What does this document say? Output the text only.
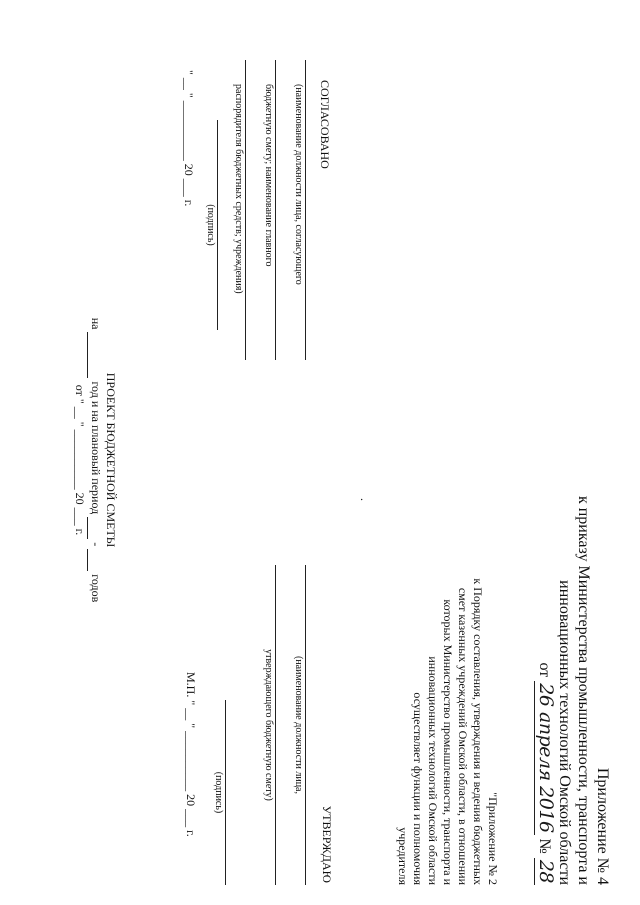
Приложение № 4
к приказу Министерства промышленности, транспорта и
инновационных технологий Омской области
от 26 апреля 2016 № 28
"Приложение № 2
к Порядку составления, утверждения и ведения бюджетных
смет казенных учреждений Омской области, в отношении
которых Министерство промышленности, транспорта и
инновационных технологий Омской области
осуществляет функции и полномочия
учредителя
.
УТВЕРЖДАЮ
(наименование должности лица,
утверждающего бюджетную смету)
(подпись)
М.П. " __ " __________ 20 ___ г.
СОГЛАСОВАНО
(наименование должности лица, согласующего
бюджетную смету; наименование главного
распорядителя бюджетных средств; учреждения)
(подпись)
" __ " __________ 20 ___ г.
ПРОЕКТ БЮДЖЕТНОЙ СМЕТЫ
на   год и на плановый период   -   годов
от " __ " __________ 20 ___ г.
